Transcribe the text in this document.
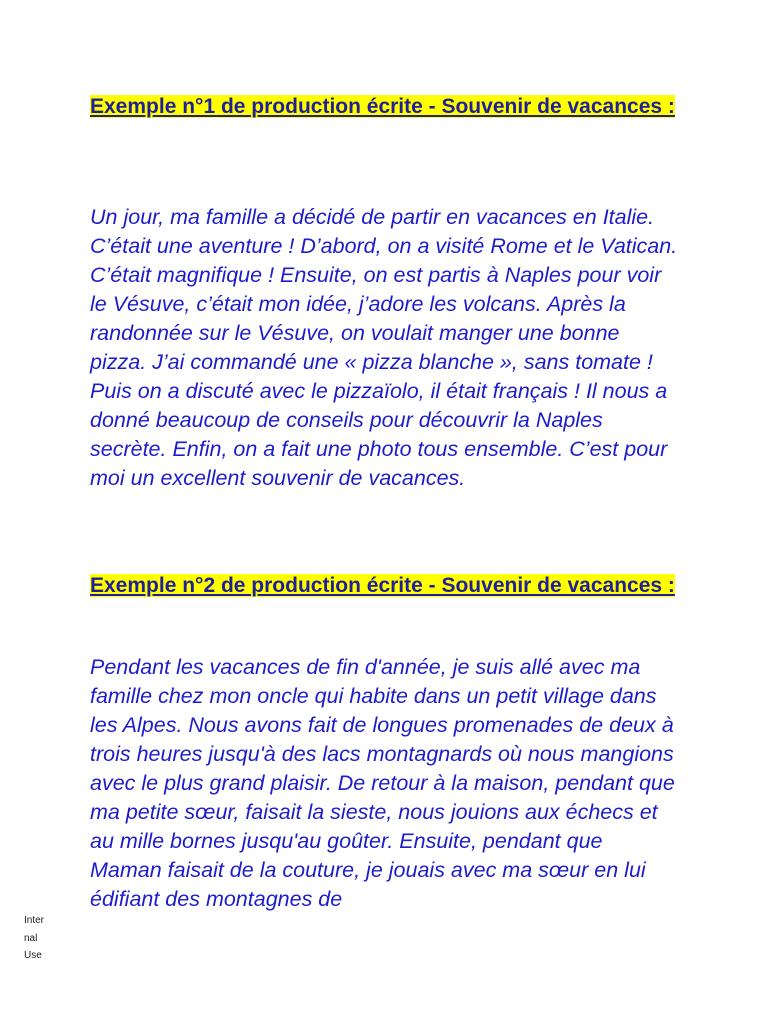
Exemple n°1 de production écrite - Souvenir de vacances :

Un jour, ma famille a décidé de partir en vacances en Italie. C’était une aventure ! D’abord, on a visité Rome et le Vatican. C’était magnifique ! Ensuite, on est partis à Naples pour voir le Vésuve, c’était mon idée, j’adore les volcans. Après la randonnée sur le Vésuve, on voulait manger une bonne pizza. J’ai commandé une « pizza blanche », sans tomate ! Puis on a discuté avec le pizzaïolo, il était français ! Il nous a donné beaucoup de conseils pour découvrir la Naples secrète. Enfin, on a fait une photo tous ensemble. C’est pour moi un excellent souvenir de vacances.

Exemple n°2 de production écrite - Souvenir de vacances :

Pendant les vacances de fin d'année, je suis allé avec ma famille chez mon oncle qui habite dans un petit village dans les Alpes. Nous avons fait de longues promenades de deux à trois heures jusqu'à des lacs montagnards où nous mangions avec le plus grand plaisir. De retour à la maison, pendant que ma petite sœur, faisait la sieste, nous jouions aux échecs et au mille bornes jusqu'au goûter. Ensuite, pendant que Maman faisait de la couture, je jouais avec ma sœur en lui édifiant des montagnes de

Internal Use
